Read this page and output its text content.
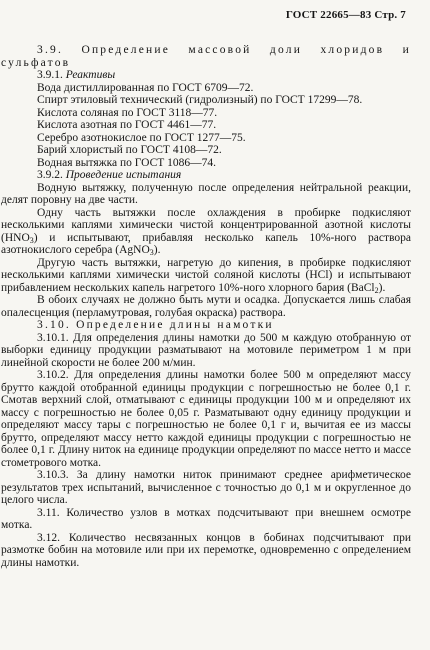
ГОСТ 22665—83 Стр. 7

3.9. Определение массовой доли хлоридов и сульфатов

3.9.1. Реактивы

Вода дистиллированная по ГОСТ 6709—72.

Спирт этиловый технический (гидролизный) по ГОСТ 17299—78.

Кислота соляная по ГОСТ 3118—77.

Кислота азотная по ГОСТ 4461—77.

Серебро азотнокислое по ГОСТ 1277—75.

Барий хлористый по ГОСТ 4108—72.

Водная вытяжка по ГОСТ 1086—74.

3.9.2. Проведение испытания

Водную вытяжку, полученную после определения нейтральной реакции, делят поровну на две части.

Одну часть вытяжки после охлаждения в пробирке подкисляют несколькими каплями химически чистой концентрированной азотной кислоты $(HNO_3)$ и испытывают, прибавляя несколько капель 10%-ного раствора азотнокислого серебра (AgNO$_3$).

Другую часть вытяжки, нагретую до кипения, в пробирке подкисляют несколькими каплями химически чистой соляной кислоты (HCl) и испытывают прибавлением нескольких капель нагретого 10%-ного хлорного бария (BaCl$_2$).

В обоих случаях не должно быть мути и осадка. Допускается лишь слабая опалесценция (перламутровая, голубая окраска) раствора.

3.10. Определение длины намотки

3.10.1. Для определения длины намотки до 500 м каждую отобранную от выборки единицу продукции разматывают на мотовиле периметром 1 м при линейной скорости не более 200 м/мин.

3.10.2. Для определения длины намотки более 500 м определяют массу брутто каждой отобранной единицы продукции с погрешностью не более 0,1 г. Смотав верхний слой, отматывают с единицы продукции 100 м и определяют их массу с погрешностью не более 0,05 г. Разматывают одну единицу продукции и определяют массу тары с погрешностью не более 0,1 г и, вычитая ее из массы брутто, определяют массу нетто каждой единицы продукции с погрешностью не более 0,1 г. Длину ниток на единице продукции определяют по массе нетто и массе стометрового мотка.

3.10.3. За длину намотки ниток принимают среднее арифметическое результатов трех испытаний, вычисленное с точностью до 0,1 м и округленное до целого числа.

3.11. Количество узлов в мотках подсчитывают при внешнем осмотре мотка.

3.12. Количество несвязанных концов в бобинах подсчитывают при размотке бобин на мотовиле или при их перемотке, одновременно с определением длины намотки.
